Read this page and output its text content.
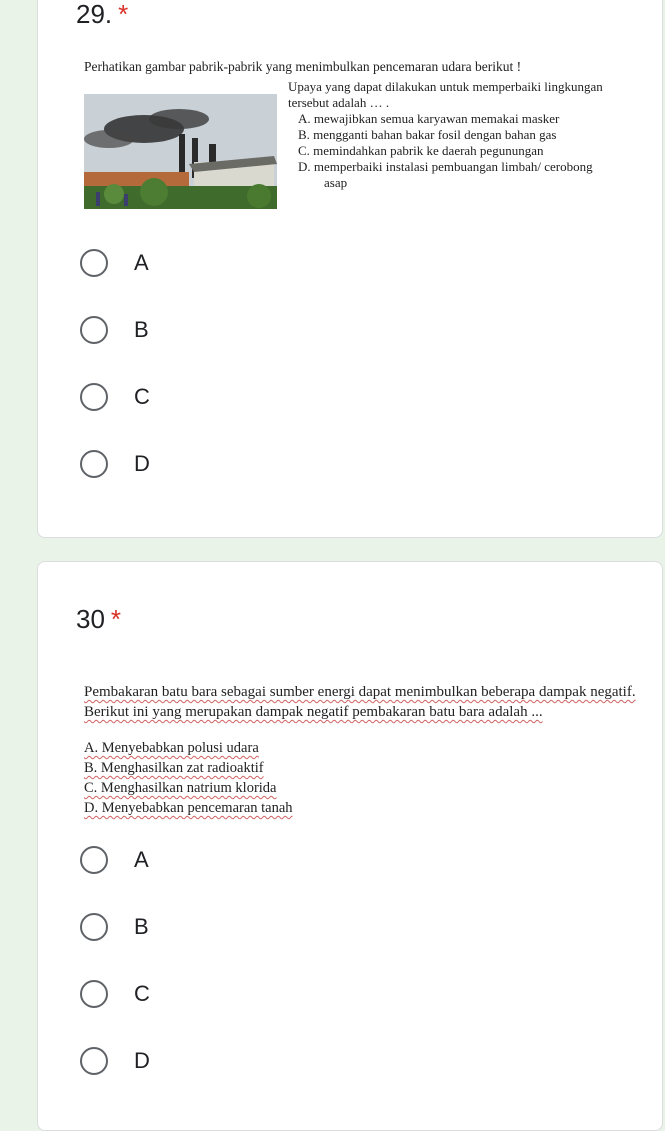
29. *
Perhatikan gambar pabrik-pabrik yang menimbulkan pencemaran udara berikut !
Upaya yang dapat dilakukan untuk memperbaiki lingkungan
tersebut adalah … .
A. mewajibkan semua karyawan memakai masker
B. mengganti bahan bakar fosil dengan bahan gas
C. memindahkan pabrik ke daerah pegunungan
D. memperbaiki instalasi pembuangan limbah/ cerobong
asap
A
B
C
D
30 *
Pembakaran batu bara sebagai sumber energi dapat menimbulkan beberapa dampak negatif.
Berikut ini yang merupakan dampak negatif pembakaran batu bara adalah ...
A. Menyebabkan polusi udara
B. Menghasilkan zat radioaktif
C. Menghasilkan natrium klorida
D. Menyebabkan pencemaran tanah
A
B
C
D
